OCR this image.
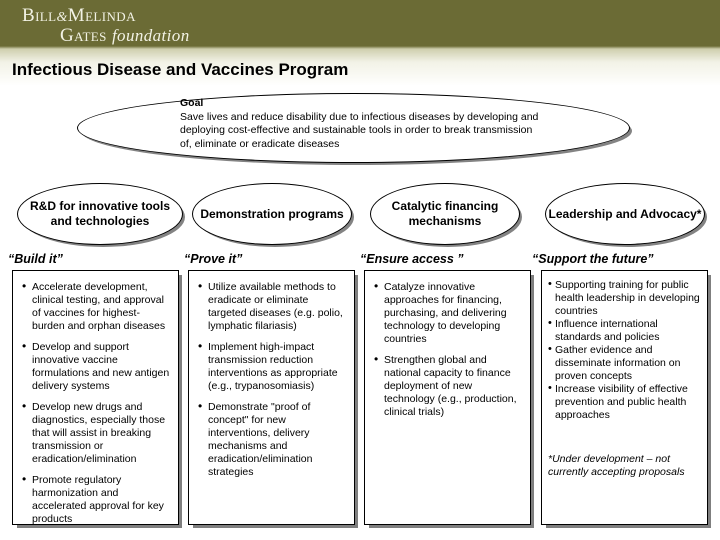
Bill&Melinda
Gates foundation
Infectious Disease and Vaccines Program
Goal
Save lives and reduce disability due to infectious diseases by developing and deploying cost-effective and sustainable tools in order to break transmission of, eliminate or eradicate diseases
R&D for innovative tools and technologies
“Build it”
• Accelerate development, clinical testing, and approval of vaccines for highest-burden and orphan diseases
• Develop and support innovative vaccine formulations and new antigen delivery systems
• Develop new drugs and diagnostics, especially those that will assist in breaking transmission or eradication/elimination
• Promote regulatory harmonization and accelerated approval for key products
Demonstration programs
“Prove it”
• Utilize available methods to eradicate or eliminate targeted diseases (e.g. polio, lymphatic filariasis)
• Implement high-impact transmission reduction interventions as appropriate (e.g., trypanosomiasis)
• Demonstrate "proof of concept" for new interventions, delivery mechanisms and eradication/elimination strategies
Catalytic financing mechanisms
“Ensure access ”
• Catalyze innovative approaches for financing, purchasing, and delivering technology to developing countries
• Strengthen global and national capacity to finance deployment of new technology (e.g., production, clinical trials)
Leadership and Advocacy*
“Support the future”
• Supporting training for public health leadership in developing countries
• Influence international standards and policies
• Gather evidence and disseminate information on proven concepts
• Increase visibility of effective prevention and public health approaches
*Under development – not currently accepting proposals
